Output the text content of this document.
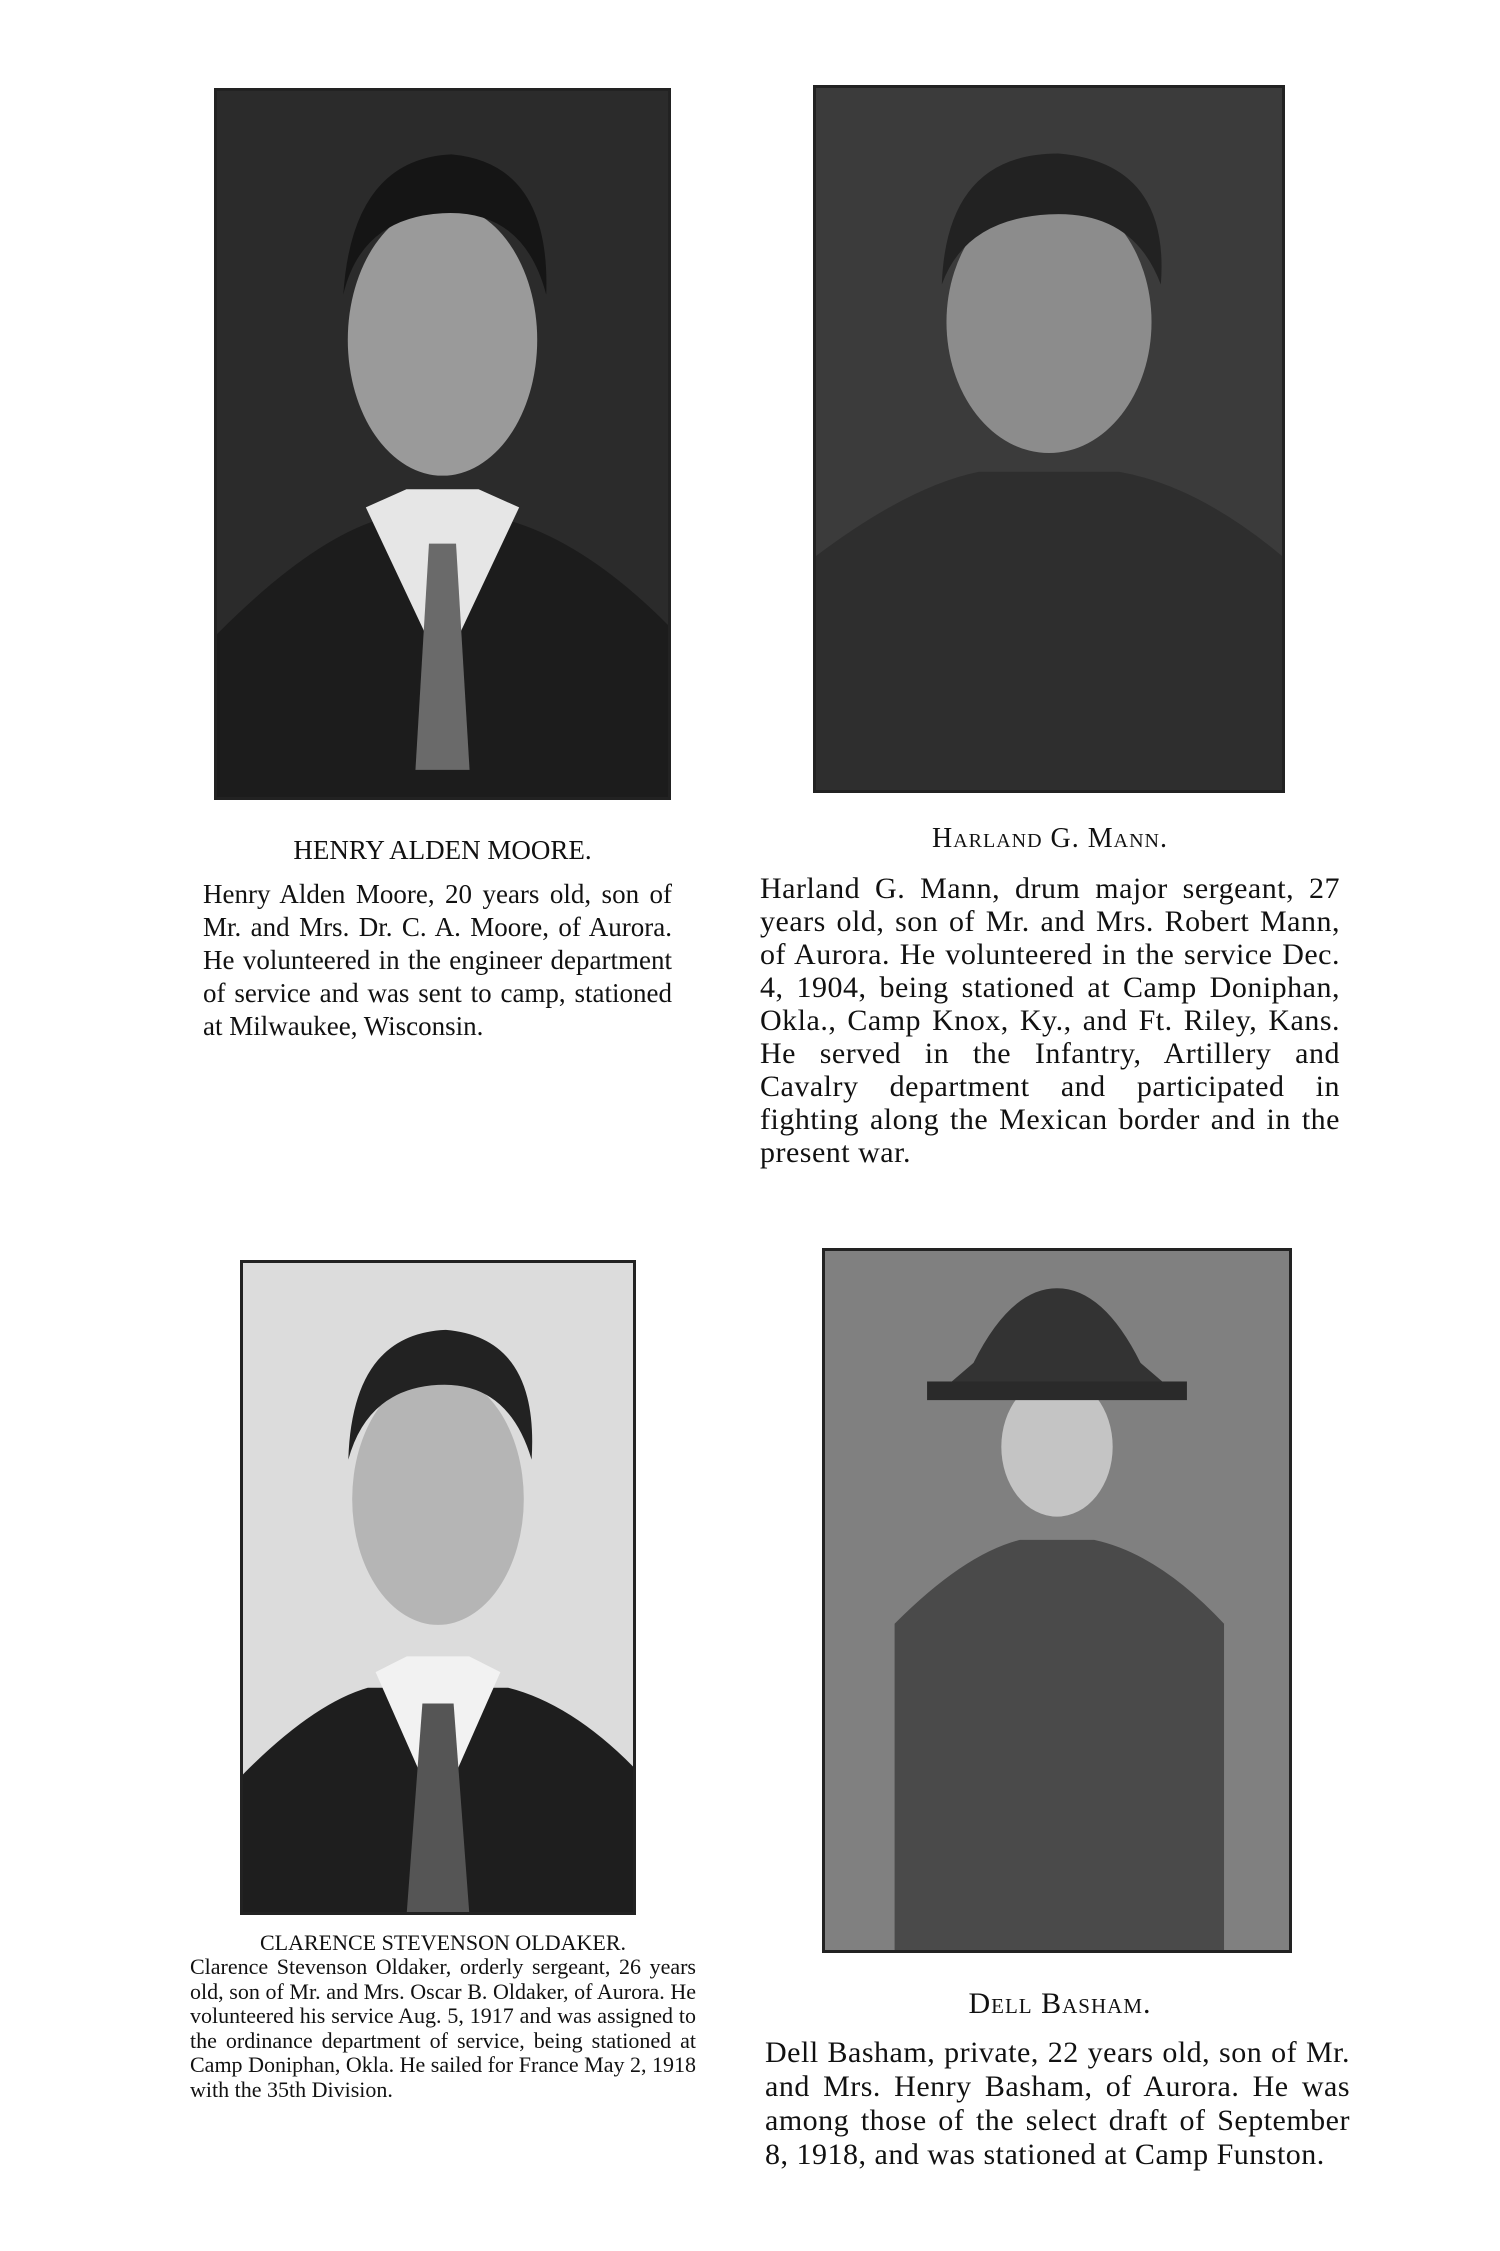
HENRY ALDEN MOORE.

Henry Alden Moore, 20 years old, son of Mr. and Mrs. Dr. C. A. Moore, of Aurora. He volunteered in the engineer department of service and was sent to camp, stationed at Milwaukee, Wisconsin.

Harland G. Mann.

Harland G. Mann, drum major sergeant, 27 years old, son of Mr. and Mrs. Robert Mann, of Aurora. He volunteered in the service Dec. 4, 1904, being stationed at Camp Doniphan, Okla., Camp Knox, Ky., and Ft. Riley, Kans. He served in the Infantry, Artillery and Cavalry department and participated in fighting along the Mexican border and in the present war.

CLARENCE STEVENSON OLDAKER.

Clarence Stevenson Oldaker, orderly sergeant, 26 years old, son of Mr. and Mrs. Oscar B. Oldaker, of Aurora. He volunteered his service Aug. 5, 1917 and was assigned to the ordinance department of service, being stationed at Camp Doniphan, Okla. He sailed for France May 2, 1918 with the 35th Division.

Dell Basham.

Dell Basham, private, 22 years old, son of Mr. and Mrs. Henry Basham, of Aurora. He was among those of the select draft of September 8, 1918, and was stationed at Camp Funston.
